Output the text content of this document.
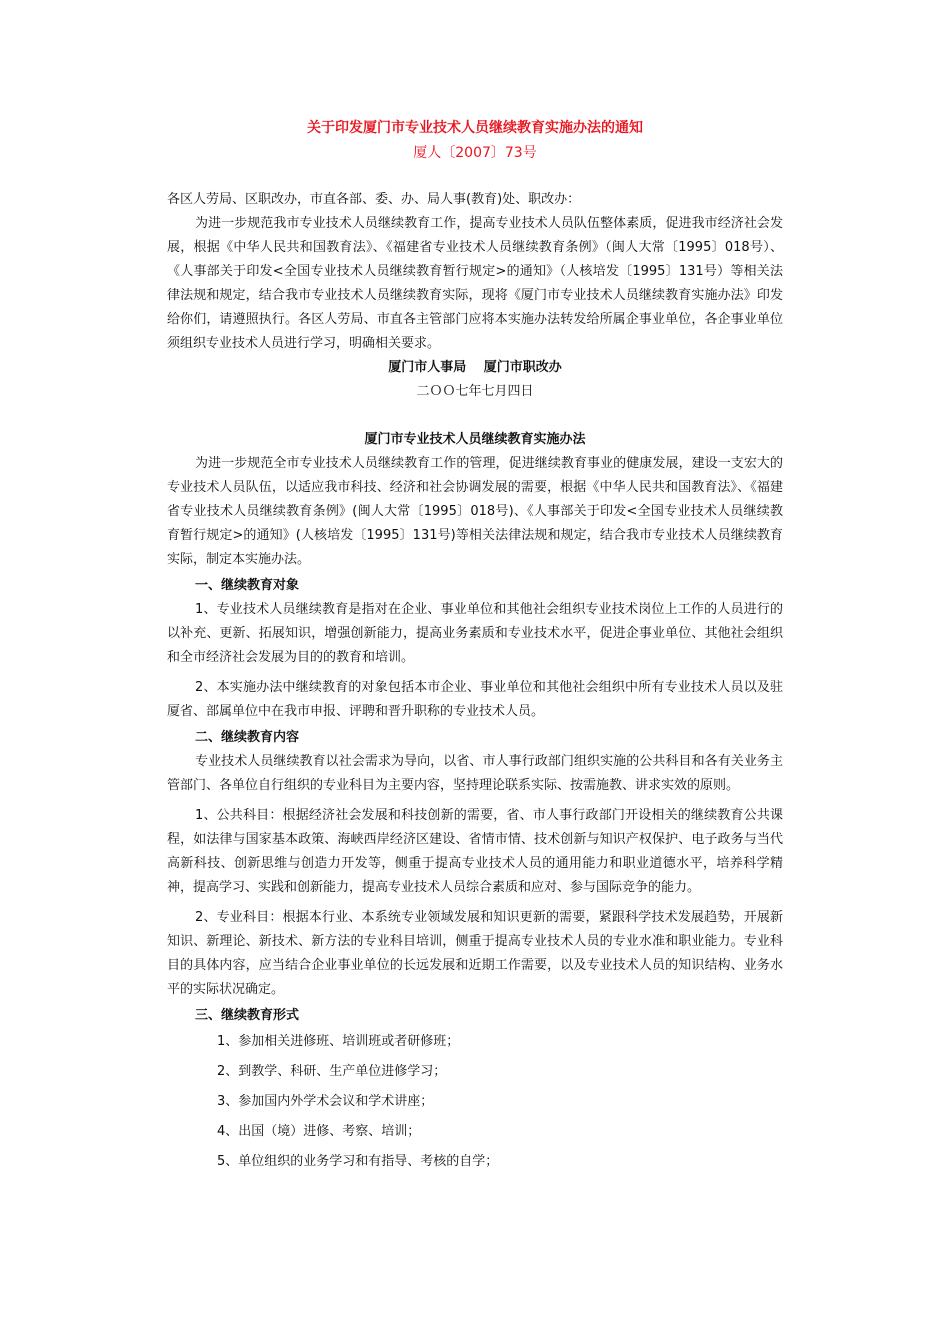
关于印发厦门市专业技术人员继续教育实施办法的通知

厦人〔2007〕73号

各区人劳局、区职改办，市直各部、委、办、局人事(教育)处、职改办：

为进一步规范我市专业技术人员继续教育工作，提高专业技术人员队伍整体素质，促进我市经济社会发展，根据《中华人民共和国教育法》、《福建省专业技术人员继续教育条例》（闽人大常〔1995〕018号）、《人事部关于印发<全国专业技术人员继续教育暂行规定>的通知》（人核培发〔1995〕131号）等相关法律法规和规定，结合我市专业技术人员继续教育实际，现将《厦门市专业技术人员继续教育实施办法》印发给你们，请遵照执行。各区人劳局、市直各主管部门应将本实施办法转发给所属企事业单位，各企事业单位须组织专业技术人员进行学习，明确相关要求。

厦门市人事局　 厦门市职改办

二ＯＯ七年七月四日

厦门市专业技术人员继续教育实施办法

为进一步规范全市专业技术人员继续教育工作的管理，促进继续教育事业的健康发展，建设一支宏大的专业技术人员队伍，以适应我市科技、经济和社会协调发展的需要，根据《中华人民共和国教育法》、《福建省专业技术人员继续教育条例》(闽人大常〔1995〕018号)、《人事部关于印发<全国专业技术人员继续教育暂行规定>的通知》(人核培发〔1995〕131号)等相关法律法规和规定，结合我市专业技术人员继续教育实际，制定本实施办法。

一、继续教育对象

1、专业技术人员继续教育是指对在企业、事业单位和其他社会组织专业技术岗位上工作的人员进行的以补充、更新、拓展知识，增强创新能力，提高业务素质和专业技术水平，促进企事业单位、其他社会组织和全市经济社会发展为目的的教育和培训。

2、本实施办法中继续教育的对象包括本市企业、事业单位和其他社会组织中所有专业技术人员以及驻厦省、部属单位中在我市申报、评聘和晋升职称的专业技术人员。

二、继续教育内容

专业技术人员继续教育以社会需求为导向，以省、市人事行政部门组织实施的公共科目和各有关业务主管部门、各单位自行组织的专业科目为主要内容，坚持理论联系实际、按需施教、讲求实效的原则。

1、公共科目：根据经济社会发展和科技创新的需要，省、市人事行政部门开设相关的继续教育公共课程，如法律与国家基本政策、海峡西岸经济区建设、省情市情、技术创新与知识产权保护、电子政务与当代高新科技、创新思维与创造力开发等，侧重于提高专业技术人员的通用能力和职业道德水平，培养科学精神，提高学习、实践和创新能力，提高专业技术人员综合素质和应对、参与国际竞争的能力。

2、专业科目：根据本行业、本系统专业领域发展和知识更新的需要，紧跟科学技术发展趋势，开展新知识、新理论、新技术、新方法的专业科目培训，侧重于提高专业技术人员的专业水准和职业能力。专业科目的具体内容，应当结合企业事业单位的长远发展和近期工作需要，以及专业技术人员的知识结构、业务水平的实际状况确定。

三、继续教育形式

1、参加相关进修班、培训班或者研修班；

2、到教学、科研、生产单位进修学习；

3、参加国内外学术会议和学术讲座；

4、出国（境）进修、考察、培训；

5、单位组织的业务学习和有指导、考核的自学；
